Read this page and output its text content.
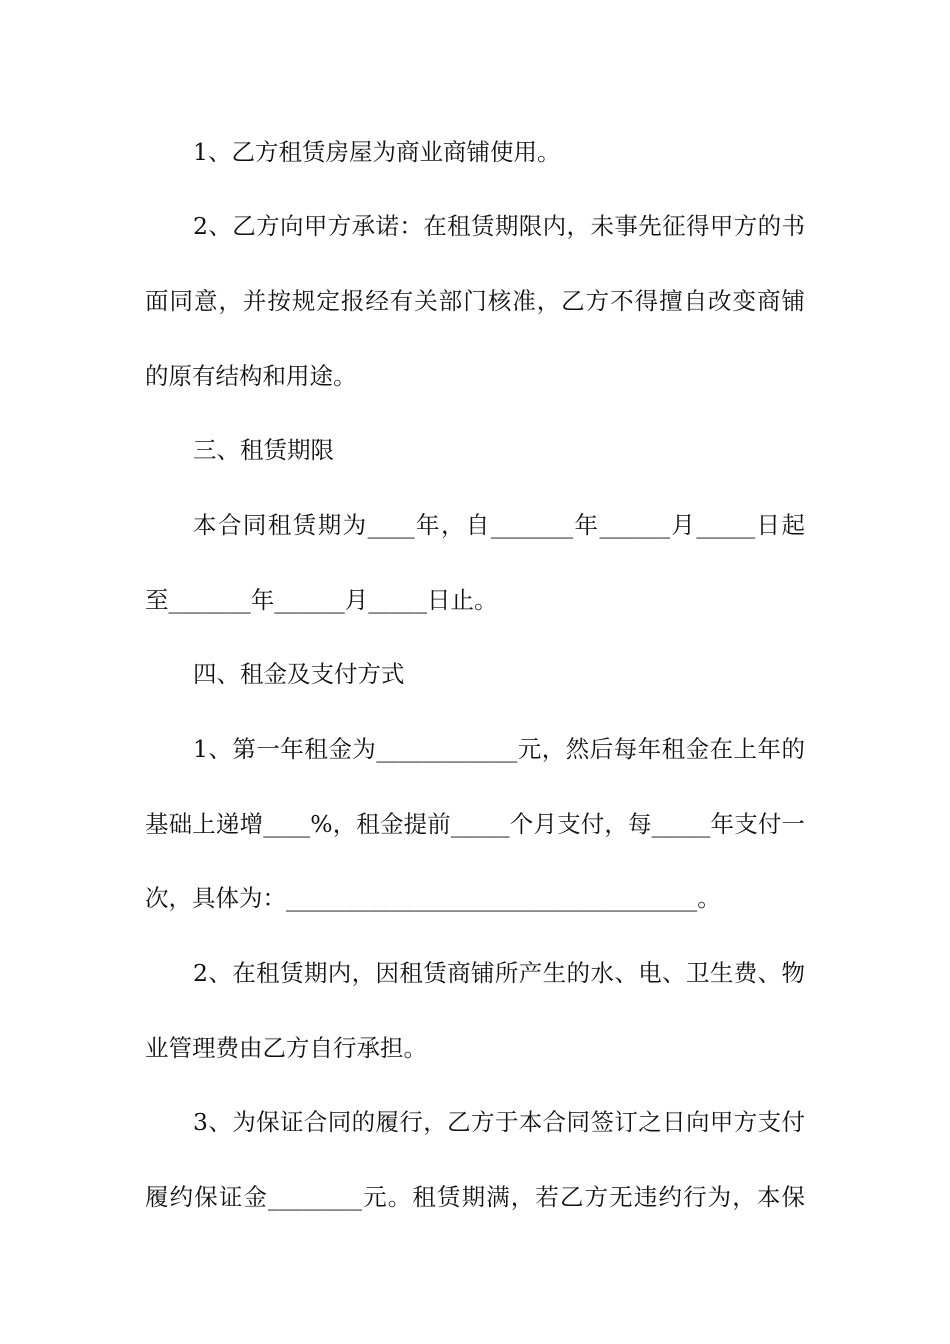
1、乙方租赁房屋为商业商铺使用。
2、乙方向甲方承诺：在租赁期限内，未事先征得甲方的书
面同意，并按规定报经有关部门核准，乙方不得擅自改变商铺
的原有结构和用途。
三、租赁期限
本合同租赁期为____年，自_______年______月_____日起
至_______年______月_____日止。
四、租金及支付方式
1、第一年租金为____________元，然后每年租金在上年的
基础上递增____%，租金提前_____个月支付，每_____年支付一
次，具体为：___________________________________。
2、在租赁期内，因租赁商铺所产生的水、电、卫生费、物
业管理费由乙方自行承担。
3、为保证合同的履行，乙方于本合同签订之日向甲方支付
履约保证金________元。租赁期满，若乙方无违约行为，本保
